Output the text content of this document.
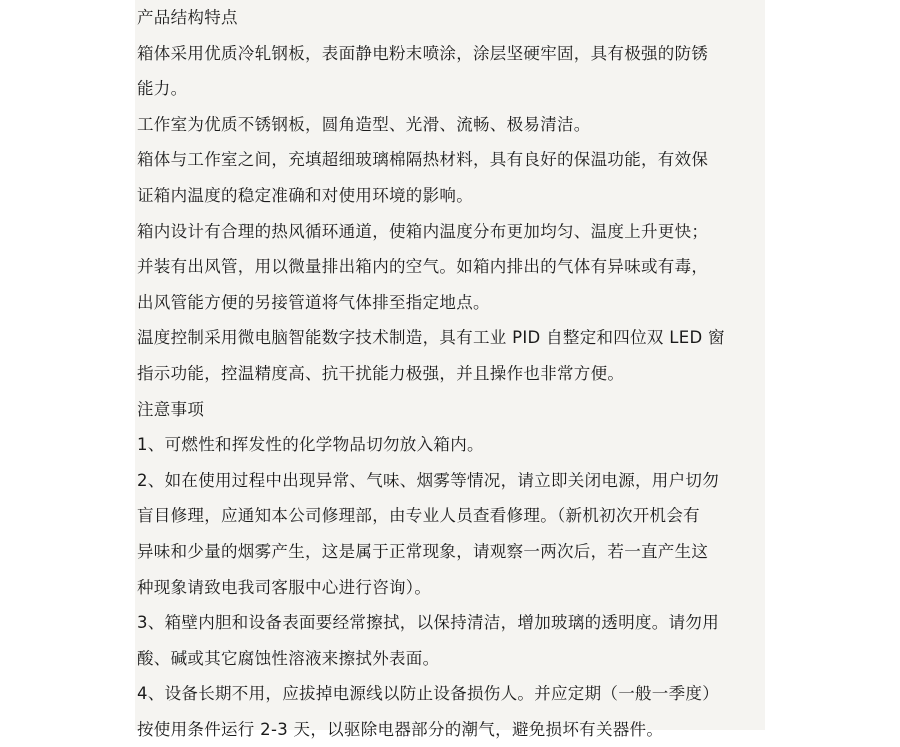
产品结构特点

箱体采用优质冷轧钢板，表面静电粉末喷涂，涂层坚硬牢固，具有极强的防锈

能力。

工作室为优质不锈钢板，圆角造型、光滑、流畅、极易清洁。

箱体与工作室之间，充填超细玻璃棉隔热材料，具有良好的保温功能，有效保

证箱内温度的稳定准确和对使用环境的影响。

箱内设计有合理的热风循环通道，使箱内温度分布更加均匀、温度上升更快；

并装有出风管，用以微量排出箱内的空气。如箱内排出的气体有异味或有毒，

出风管能方便的另接管道将气体排至指定地点。

温度控制采用微电脑智能数字技术制造，具有工业 PID 自整定和四位双 LED 窗

指示功能，控温精度高、抗干扰能力极强，并且操作也非常方便。

注意事项

1、可燃性和挥发性的化学物品切勿放入箱内。

2、如在使用过程中出现异常、气味、烟雾等情况，请立即关闭电源，用户切勿

盲目修理，应通知本公司修理部，由专业人员查看修理。（新机初次开机会有

异味和少量的烟雾产生，这是属于正常现象，请观察一两次后，若一直产生这

种现象请致电我司客服中心进行咨询）。

3、箱壁内胆和设备表面要经常擦拭，以保持清洁，增加玻璃的透明度。请勿用

酸、碱或其它腐蚀性溶液来擦拭外表面。

4、设备长期不用，应拔掉电源线以防止设备损伤人。并应定期（一般一季度）

按使用条件运行 2-3 天，以驱除电器部分的潮气，避免损坏有关器件。
